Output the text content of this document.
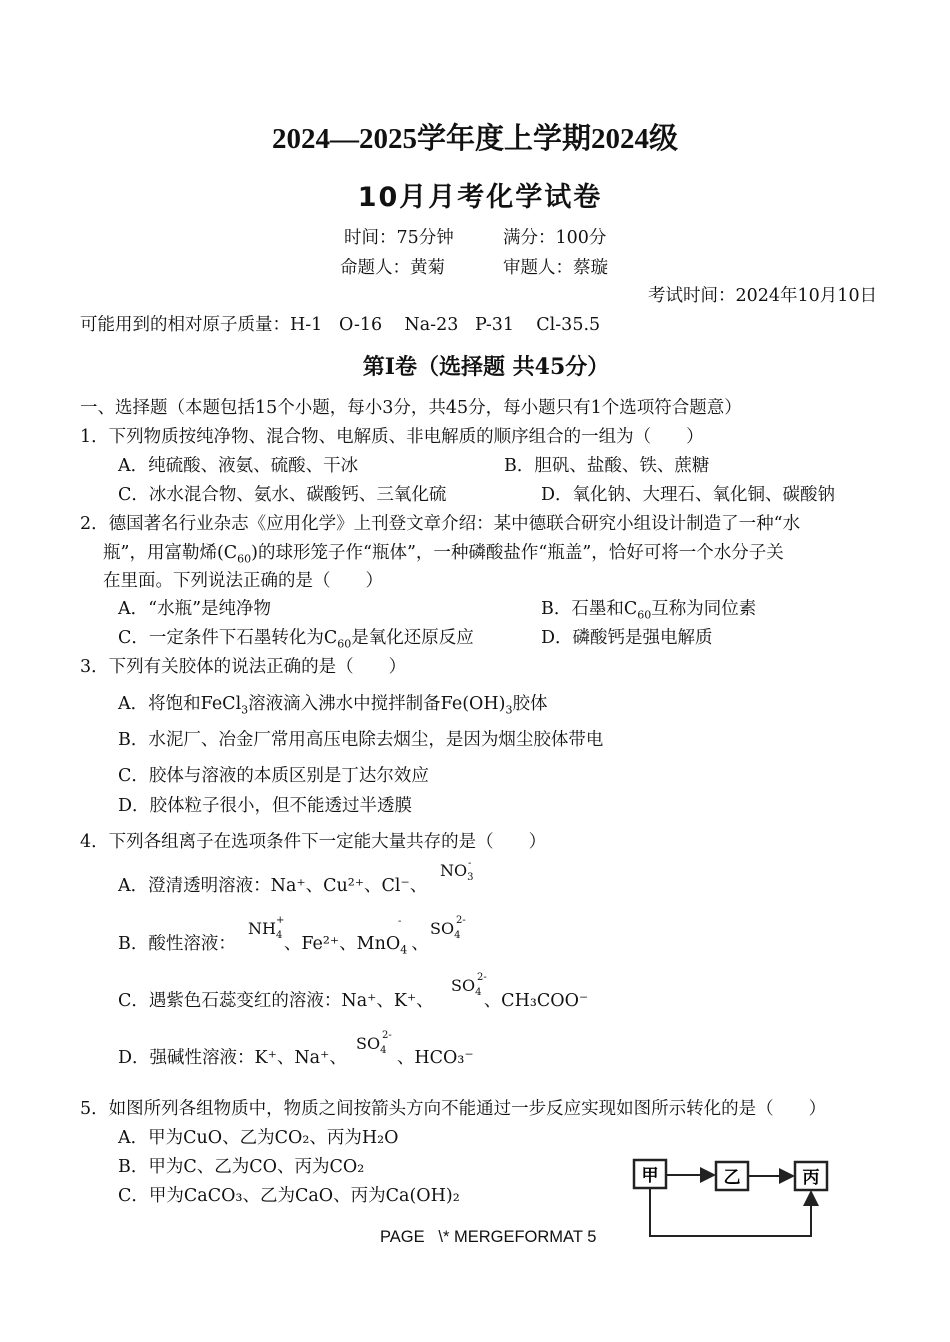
2024—2025学年度上学期2024级
10月月考化学试卷
时间：75分钟	满分：100分
命题人：黄菊	审题人：蔡璇
考试时间：2024年10月10日
可能用到的相对原子质量：H-1   O-16    Na-23   P-31    Cl-35.5
第Ⅰ卷（选择题 共45分）
一、选择题（本题包括15个小题，每小3分，共45分，每小题只有1个选项符合题意）
1．下列物质按纯净物、混合物、电解质、非电解质的顺序组合的一组为（　　）
A．纯硫酸、液氨、硫酸、干冰	B．胆矾、盐酸、铁、蔗糖
C．冰水混合物、氨水、碳酸钙、三氧化硫	D．氧化钠、大理石、氧化铜、碳酸钠
2．德国著名行业杂志《应用化学》上刊登文章介绍：某中德联合研究小组设计制造了一种“水
瓶”，用富勒烯$(C_{60})$的球形笼子作“瓶体”，一种磷酸盐作“瓶盖”，恰好可将一个水分子关
在里面。下列说法正确的是（　　）
A．“水瓶”是纯净物	B．石墨和$C_{60}$互称为同位素
C．一定条件下石墨转化为$C_{60}$是氧化还原反应	D．磷酸钙是强电解质
3．下列有关胶体的说法正确的是（　　）
A．将饱和FeCl$_3$溶液滴入沸水中搅拌制备$Fe(OH)_3$胶体
B．水泥厂、冶金厂常用高压电除去烟尘，是因为烟尘胶体带电
C．胶体与溶液的本质区别是丁达尔效应
D．胶体粒子很小，但不能透过半透膜
4．下列各组离子在选项条件下一定能大量共存的是（　　）
A．澄清透明溶液：Na⁺、Cu²⁺、Cl⁻、
$NO_3$
-
B．酸性溶液：	、Fe²⁺、MnO$_4$ 、
$NH_4$
+	- $SO_4$
2-
C．遇紫色石蕊变红的溶液：Na⁺、K⁺、	、CH₃COO⁻
$SO_4$
2-
D．强碱性溶液：K⁺、Na⁺、	、HCO₃⁻
$SO_4$
2-
5．如图所列各组物质中，物质之间按箭头方向不能通过一步反应实现如图所示转化的是（　　）
A．甲为CuO、乙为CO₂、丙为H₂O
B．甲为C、乙为CO、丙为CO₂
C．甲为CaCO₃、乙为CaO、丙为Ca(OH)₂
甲	乙	丙
PAGE   \* MERGEFORMAT 5
